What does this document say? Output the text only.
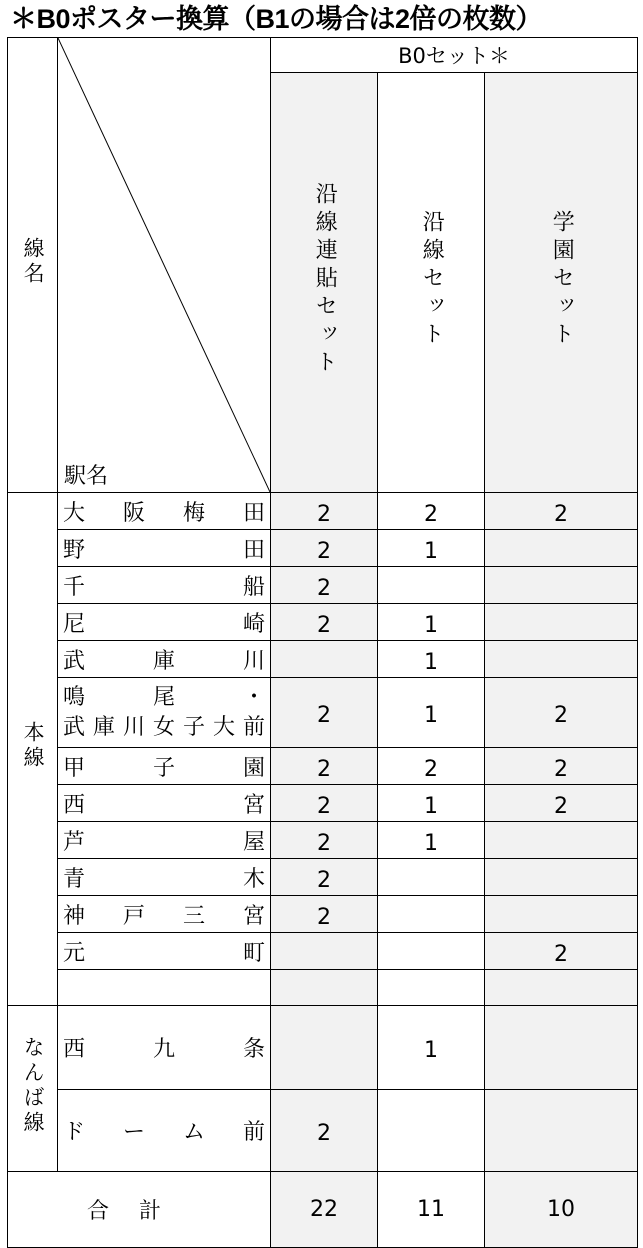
＊B0ポスター換算（B1の場合は2倍の枚数）
線名	駅名	B0セット＊		
		沿線連貼セット	沿線セット	学園セット
本線	大阪梅田	2	2	2

	野田	2	1	

	千船	2		

	尼崎	2	1	

	武庫川		1	

	鳴尾・
武庫川女子大前	2	1	2

	甲子園	2	2	2

	西宮	2	1	2

	芦屋	2	1	

	青木	2		

	神戸三宮	2		

	元町			2

なんば線	西九条		1	

	ドーム前	2		
合計		22	11	10
